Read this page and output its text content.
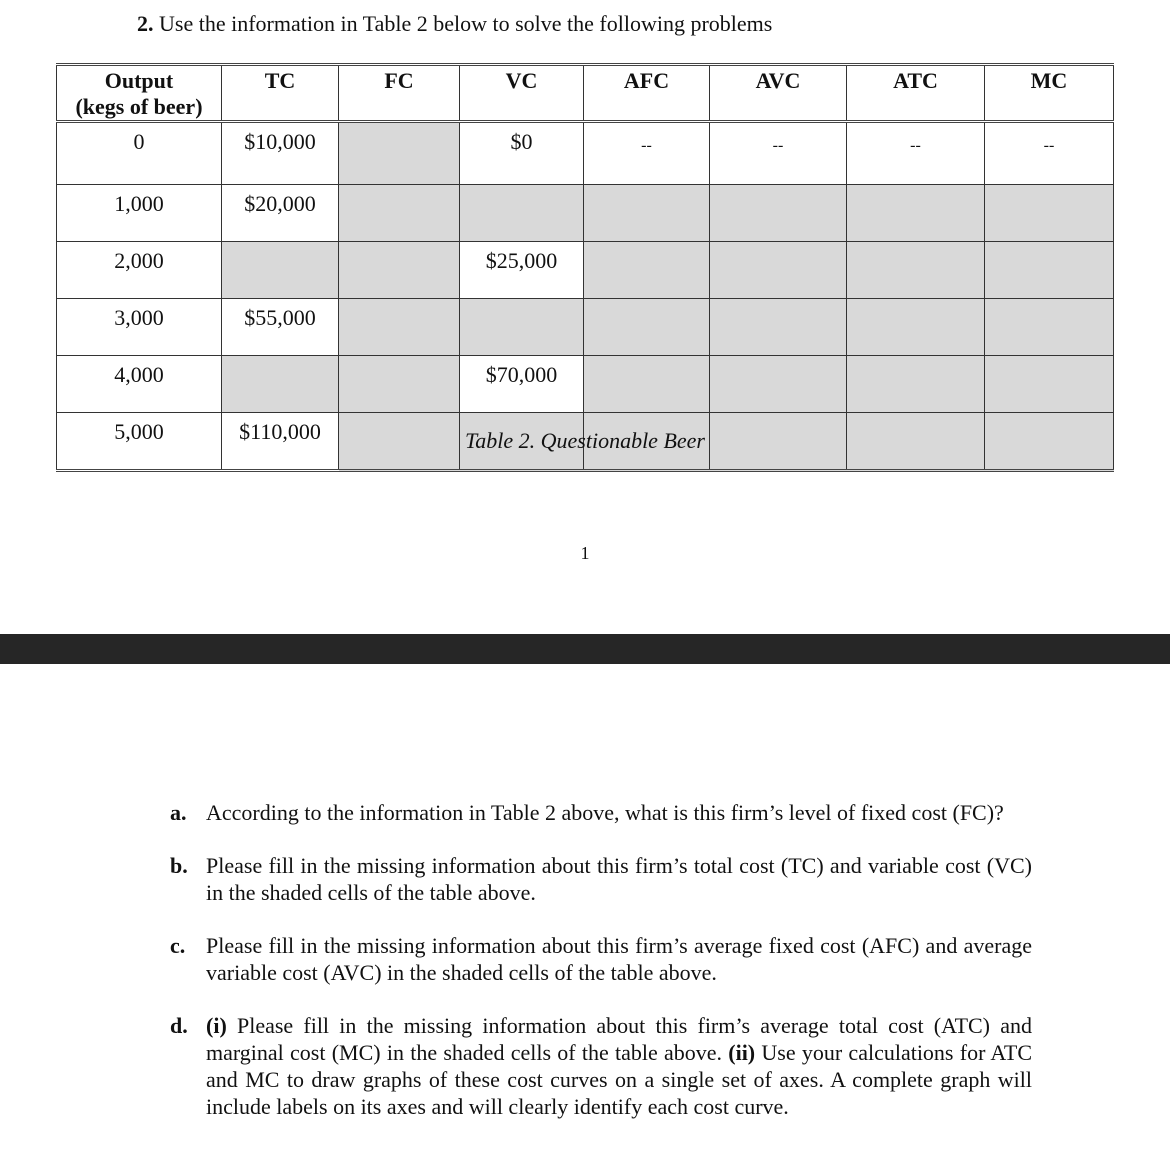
2. Use the information in Table 2 below to solve the following problems
Output
(kegs of beer)	TC	FC	VC	AFC	AVC	ATC	MC
0	$10,000		$0	--	--	--	--
1,000	$20,000						
2,000			$25,000				
3,000	$55,000						
4,000			$70,000				
5,000	$110,000							Table 2. Questionable Beer
1
a. According to the information in Table 2 above, what is this firm’s level of fixed cost (FC)?
b. Please fill in the missing information about this firm’s total cost (TC) and variable cost (VC) in the shaded cells of the table above.
c. Please fill in the missing information about this firm’s average fixed cost (AFC) and average variable cost (AVC) in the shaded cells of the table above.
d. (i) Please fill in the missing information about this firm’s average total cost (ATC) and marginal cost (MC) in the shaded cells of the table above. (ii) Use your calculations for ATC and MC to draw graphs of these cost curves on a single set of axes. A complete graph will include labels on its axes and will clearly identify each cost curve.
